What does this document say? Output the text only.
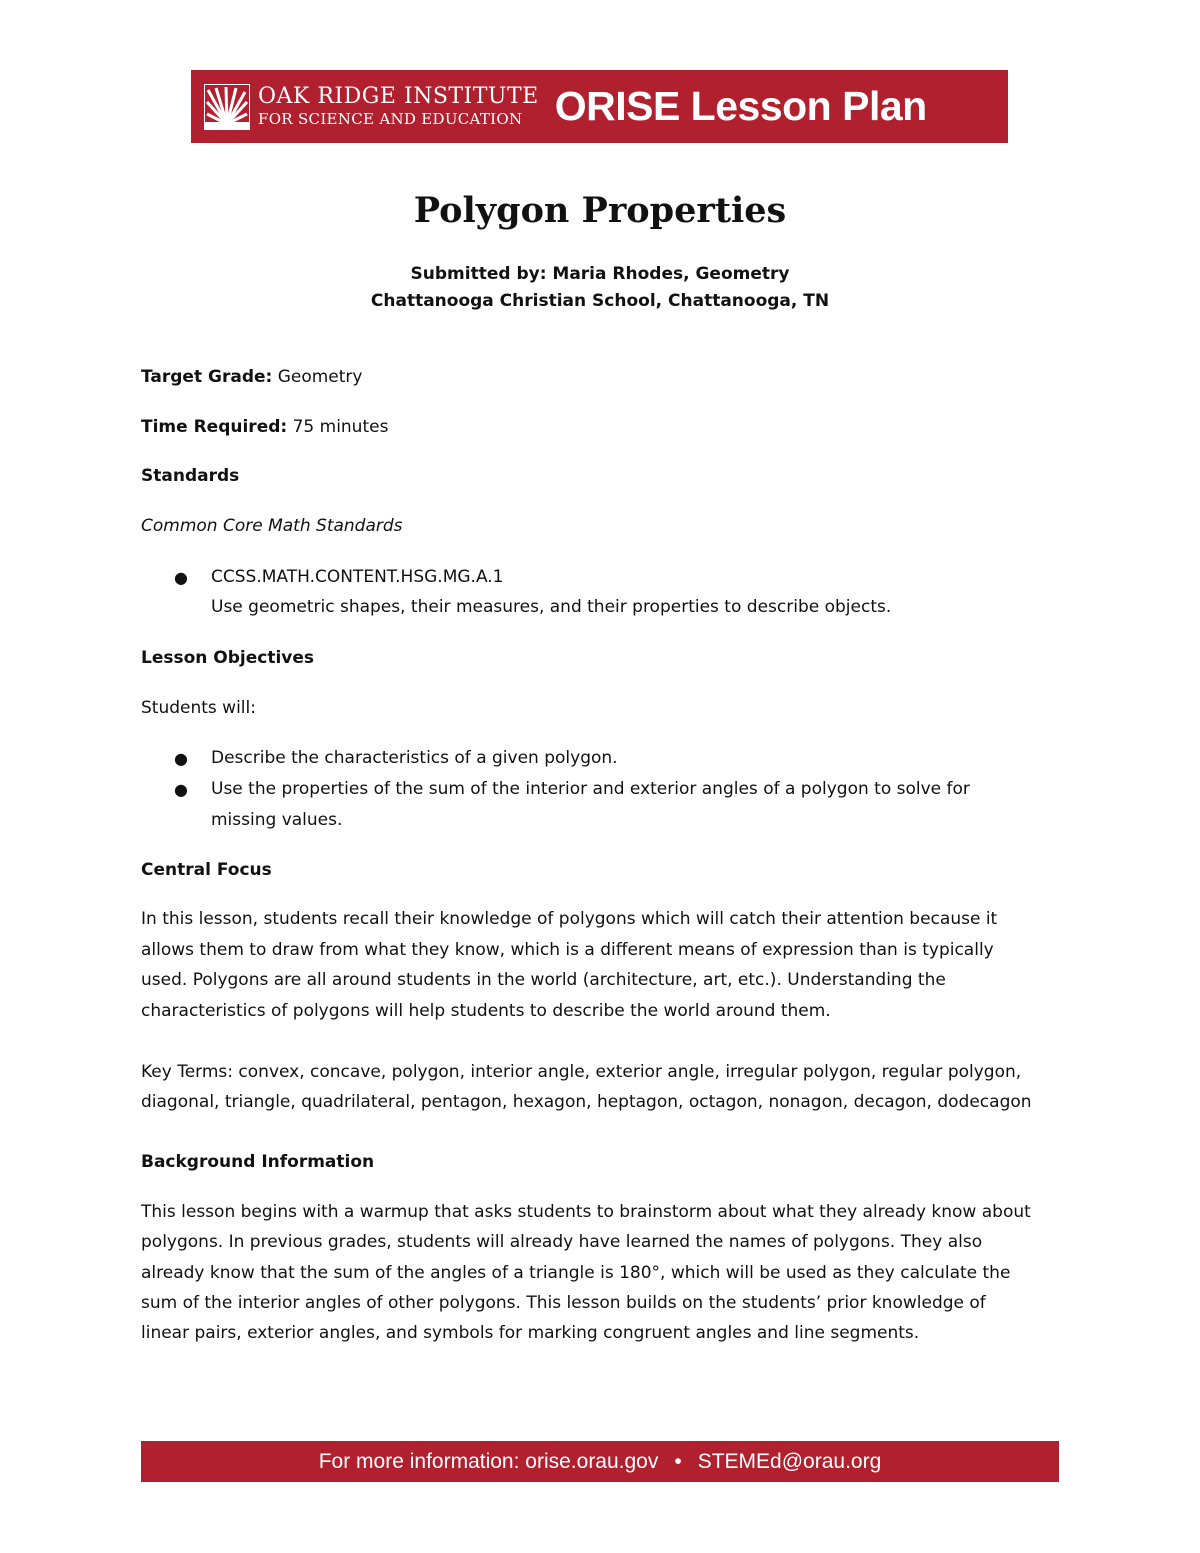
OAK RIDGE INSTITUTE
FOR SCIENCE AND EDUCATION ORISE Lesson Plan
Polygon Properties
Submitted by: Maria Rhodes, Geometry
Chattanooga Christian School, Chattanooga, TN
Target Grade: Geometry
Time Required: 75 minutes
Standards
Common Core Math Standards
● CCSS.MATH.CONTENT.HSG.MG.A.1
Use geometric shapes, their measures, and their properties to describe objects.
Lesson Objectives
Students will:
● Describe the characteristics of a given polygon.
● Use the properties of the sum of the interior and exterior angles of a polygon to solve for
missing values.
Central Focus
In this lesson, students recall their knowledge of polygons which will catch their attention because it
allows them to draw from what they know, which is a different means of expression than is typically
used. Polygons are all around students in the world (architecture, art, etc.). Understanding the
characteristics of polygons will help students to describe the world around them.
Key Terms: convex, concave, polygon, interior angle, exterior angle, irregular polygon, regular polygon,
diagonal, triangle, quadrilateral, pentagon, hexagon, heptagon, octagon, nonagon, decagon, dodecagon
Background Information
This lesson begins with a warmup that asks students to brainstorm about what they already know about
polygons. In previous grades, students will already have learned the names of polygons. They also
already know that the sum of the angles of a triangle is 180°, which will be used as they calculate the
sum of the interior angles of other polygons. This lesson builds on the students’ prior knowledge of
linear pairs, exterior angles, and symbols for marking congruent angles and line segments.
For more information: orise.orau.gov • STEMEd@orau.org
